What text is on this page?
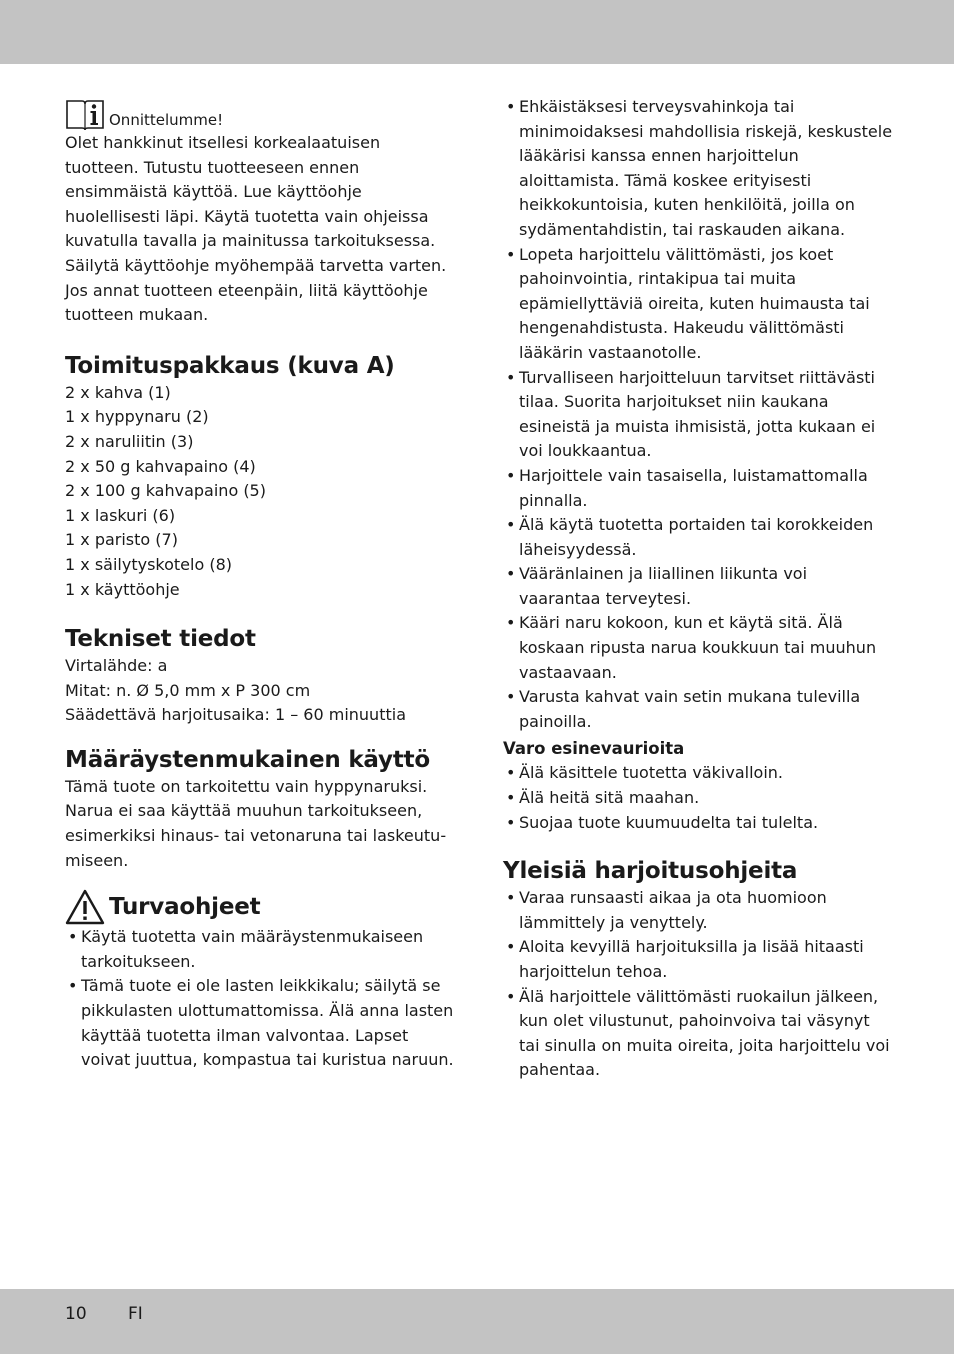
Onnittelumme!

Olet hankkinut itsellesi korkealaatuisen tuotteen. Tutustu tuotteeseen ennen ensimmäistä käyttöä. Lue käyttöohje huolellisesti läpi. Käytä tuotetta vain ohjeissa kuvatulla tavalla ja mainitussa tarkoituksessa. Säilytä käyttöohje myöhempää tarvetta varten. Jos annat tuotteen eteenpäin, liitä käyttöohje tuotteen mukaan.

Toimituspakkaus (kuva A)
2 x kahva (1)
1 x hyppynaru (2)
2 x naruliitin (3)
2 x 50 g kahvapaino (4)
2 x 100 g kahvapaino (5)
1 x laskuri (6)
1 x paristo (7)
1 x säilytyskotelo (8)
1 x käyttöohje
Tekniset tiedot
Virtalähde: a
Mitat: n. Ø 5,0 mm x P 300 cm
Säädettävä harjoitusaika: 1 – 60 minuuttia
Määräystenmukainen käyttö

Tämä tuote on tarkoitettu vain hyppynaruksi. Narua ei saa käyttää muuhun tarkoitukseen, esimerkiksi hinaus- tai vetonaruna tai laskeutu-miseen.

Turvaohjeet
• Käytä tuotetta vain määräystenmukaiseen tarkoitukseen.
• Tämä tuote ei ole lasten leikkikalu; säilytä se pikkulasten ulottumattomissa. Älä anna lasten käyttää tuotetta ilman valvontaa. Lapset voivat juuttua, kompastua tai kuristua naruun.
• Ehkäistäksesi terveysvahinkoja tai minimoidaksesi mahdollisia riskejä, keskustele lääkärisi kanssa ennen harjoittelun aloittamista. Tämä koskee erityisesti heikkokuntoisia, kuten henkilöitä, joilla on sydämentahdistin, tai raskauden aikana.
• Lopeta harjoittelu välittömästi, jos koet pahoinvointia, rintakipua tai muita epämiellyttäviä oireita, kuten huimausta tai hengenahdistusta. Hakeudu välittömästi lääkärin vastaanotolle.
• Turvalliseen harjoitteluun tarvitset riittävästi tilaa. Suorita harjoitukset niin kaukana esineistä ja muista ihmisistä, jotta kukaan ei voi loukkaantua.
• Harjoittele vain tasaisella, luistamattomalla pinnalla.
• Älä käytä tuotetta portaiden tai korokkeiden läheisyydessä.
• Vääränlainen ja liiallinen liikunta voi vaarantaa terveytesi.
• Kääri naru kokoon, kun et käytä sitä. Älä koskaan ripusta narua koukkuun tai muuhun vastaavaan.
• Varusta kahvat vain setin mukana tulevilla painoilla.
Varo esinevaurioita
• Älä käsittele tuotetta väkivalloin.
• Älä heitä sitä maahan.
• Suojaa tuote kuumuudelta tai tulelta.
Yleisiä harjoitusohjeita
• Varaa runsaasti aikaa ja ota huomioon lämmittely ja venyttely.
• Aloita kevyillä harjoituksilla ja lisää hitaasti harjoittelun tehoa.
• Älä harjoittele välittömästi ruokailun jälkeen, kun olet vilustunut, pahoinvoiva tai väsynyt tai sinulla on muita oireita, joita harjoittelu voi pahentaa.
10 FI
